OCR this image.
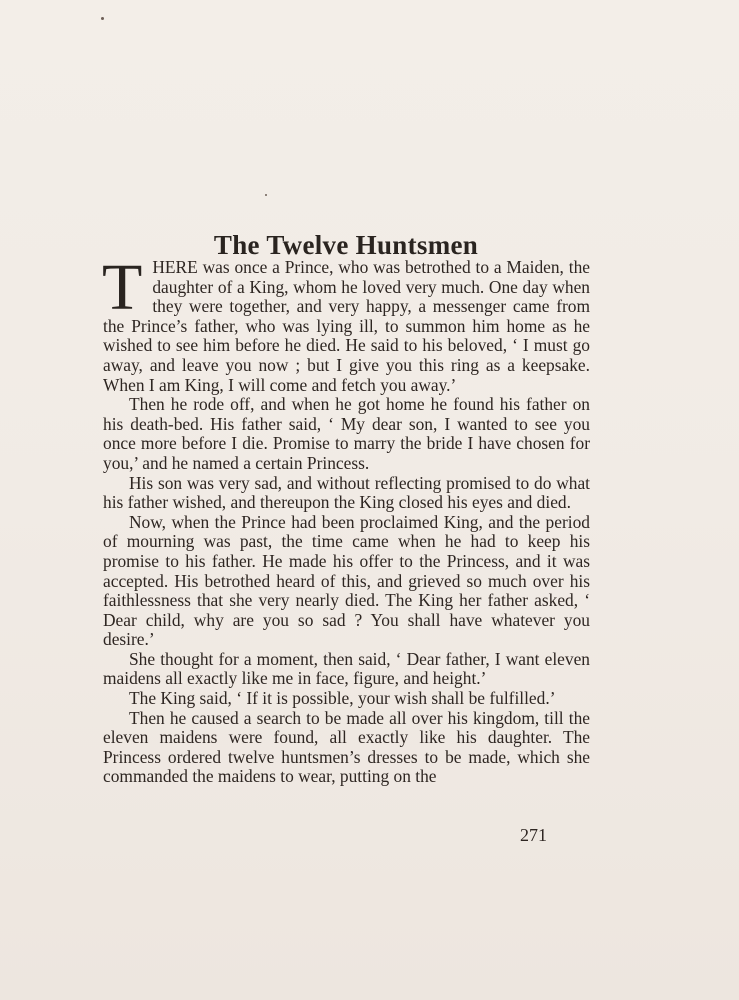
The Twelve Huntsmen

THERE was once a Prince, who was betrothed to a Maiden, the daughter of a King, whom he loved very much. One day when they were together, and very happy, a messenger came from the Prince’s father, who was lying ill, to summon him home as he wished to see him before he died. He said to his beloved, ‘ I must go away, and leave you now ; but I give you this ring as a keepsake. When I am King, I will come and fetch you away.’

Then he rode off, and when he got home he found his father on his death-bed. His father said, ‘ My dear son, I wanted to see you once more before I die. Promise to marry the bride I have chosen for you,’ and he named a certain Princess.

His son was very sad, and without reflecting promised to do what his father wished, and thereupon the King closed his eyes and died.

Now, when the Prince had been proclaimed King, and the period of mourning was past, the time came when he had to keep his promise to his father. He made his offer to the Princess, and it was accepted. His betrothed heard of this, and grieved so much over his faithlessness that she very nearly died. The King her father asked, ‘ Dear child, why are you so sad ? You shall have whatever you desire.’

She thought for a moment, then said, ‘ Dear father, I want eleven maidens all exactly like me in face, figure, and height.’

The King said, ‘ If it is possible, your wish shall be fulfilled.’

Then he caused a search to be made all over his kingdom, till the eleven maidens were found, all exactly like his daughter. The Princess ordered twelve huntsmen’s dresses to be made, which she commanded the maidens to wear, putting on the

271
